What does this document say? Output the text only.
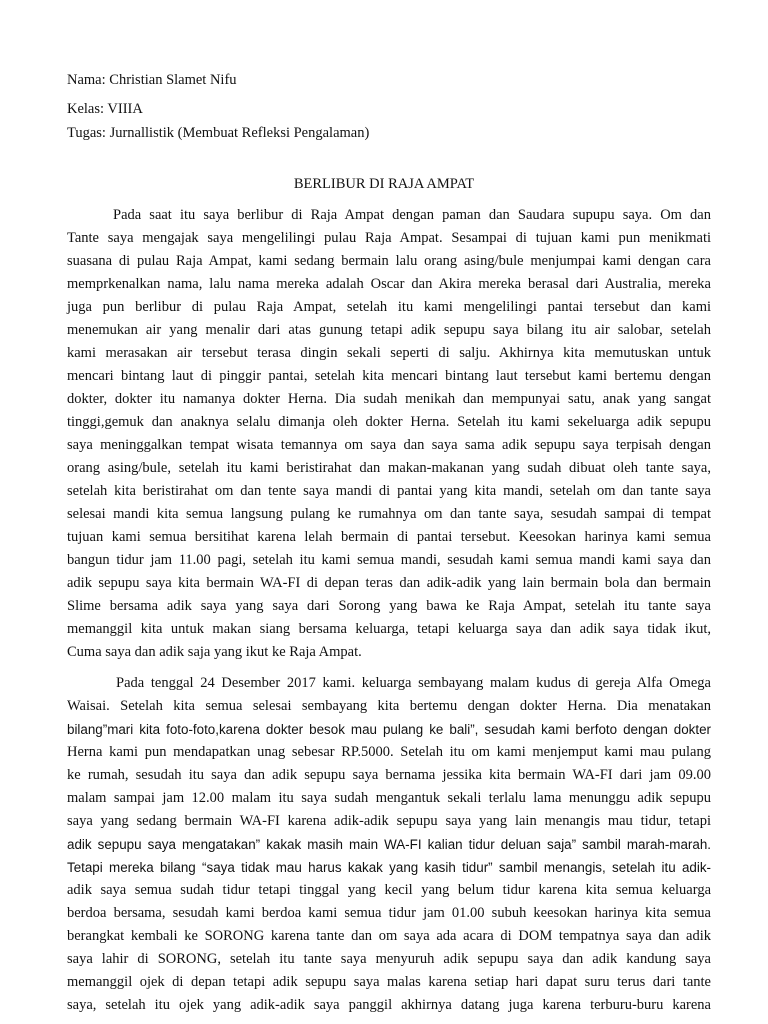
Nama: Christian Slamet Nifu
Kelas: VIIIA
Tugas: Jurnallistik (Membuat Refleksi Pengalaman)
BERLIBUR DI RAJA AMPAT
Pada saat itu saya berlibur di Raja Ampat dengan paman dan Saudara supupu saya. Om dan
Tante saya mengajak saya mengelilingi pulau Raja Ampat. Sesampai di tujuan kami pun menikmati
suasana di pulau Raja Ampat, kami sedang bermain lalu orang asing/bule menjumpai kami dengan cara
memprkenalkan nama, lalu nama mereka adalah Oscar dan Akira mereka berasal dari Australia, mereka
juga pun berlibur di pulau Raja Ampat, setelah itu kami mengelilingi pantai tersebut dan kami
menemukan air yang menalir dari atas gunung tetapi adik sepupu saya bilang itu air salobar, setelah
kami merasakan air tersebut terasa dingin sekali seperti di salju. Akhirnya kita memutuskan untuk
mencari bintang laut di pinggir pantai, setelah kita mencari bintang laut tersebut kami bertemu dengan
dokter, dokter itu namanya dokter Herna. Dia sudah menikah dan mempunyai satu, anak yang sangat
tinggi,gemuk dan anaknya selalu dimanja oleh dokter Herna. Setelah itu kami sekeluarga adik sepupu
saya meninggalkan tempat wisata temannya om saya dan saya sama adik sepupu saya terpisah dengan
orang asing/bule, setelah itu kami beristirahat dan makan-makanan yang sudah dibuat oleh tante saya,
setelah kita beristirahat om dan tente saya mandi di pantai yang kita mandi, setelah om dan tante saya
selesai mandi kita semua langsung pulang ke rumahnya om dan tante saya, sesudah sampai di tempat
tujuan kami semua bersitihat karena lelah bermain di pantai tersebut. Keesokan harinya kami semua
bangun tidur jam 11.00 pagi, setelah itu kami semua mandi, sesudah kami semua mandi kami saya dan
adik sepupu saya kita bermain WA-FI di depan teras dan adik-adik yang lain bermain bola dan bermain
Slime bersama adik saya yang saya dari Sorong yang bawa ke Raja Ampat, setelah itu tante saya
memanggil kita untuk makan siang bersama keluarga, tetapi keluarga saya dan adik saya tidak ikut,
Cuma saya dan adik saja yang ikut ke Raja Ampat.
Pada tenggal 24 Desember 2017 kami. keluarga sembayang malam kudus di gereja Alfa Omega
Waisai. Setelah kita semua selesai sembayang kita bertemu dengan dokter Herna. Dia menatakan
bilang”mari kita foto-foto,karena dokter besok mau pulang ke bali”, sesudah kami berfoto dengan dokter
Herna kami pun mendapatkan unag sebesar RP.5000. Setelah itu om kami menjemput kami mau pulang
ke rumah, sesudah itu saya dan adik sepupu saya bernama jessika kita bermain WA-FI dari jam 09.00
malam sampai jam 12.00 malam itu saya sudah mengantuk sekali terlalu lama menunggu adik sepupu
saya yang sedang bermain WA-FI karena adik-adik sepupu saya yang lain menangis mau tidur, tetapi
adik sepupu saya mengatakan” kakak masih main WA-FI kalian tidur deluan saja” sambil marah-marah.
Tetapi mereka bilang “saya tidak mau harus kakak yang kasih tidur” sambil menangis, setelah itu adik-
adik saya semua sudah tidur tetapi tinggal yang kecil yang belum tidur karena kita semua keluarga
berdoa bersama, sesudah kami berdoa kami semua tidur jam 01.00 subuh keesokan harinya kita semua
berangkat kembali ke SORONG karena tante dan om saya ada acara di DOM tempatnya saya dan adik
saya lahir di SORONG, setelah itu tante saya menyuruh adik sepupu saya dan adik kandung saya
memanggil ojek di depan tetapi adik sepupu saya malas karena setiap hari dapat suru terus dari tante
saya, setelah itu ojek yang adik-adik saya panggil akhirnya datang juga karena terburu-buru karena
